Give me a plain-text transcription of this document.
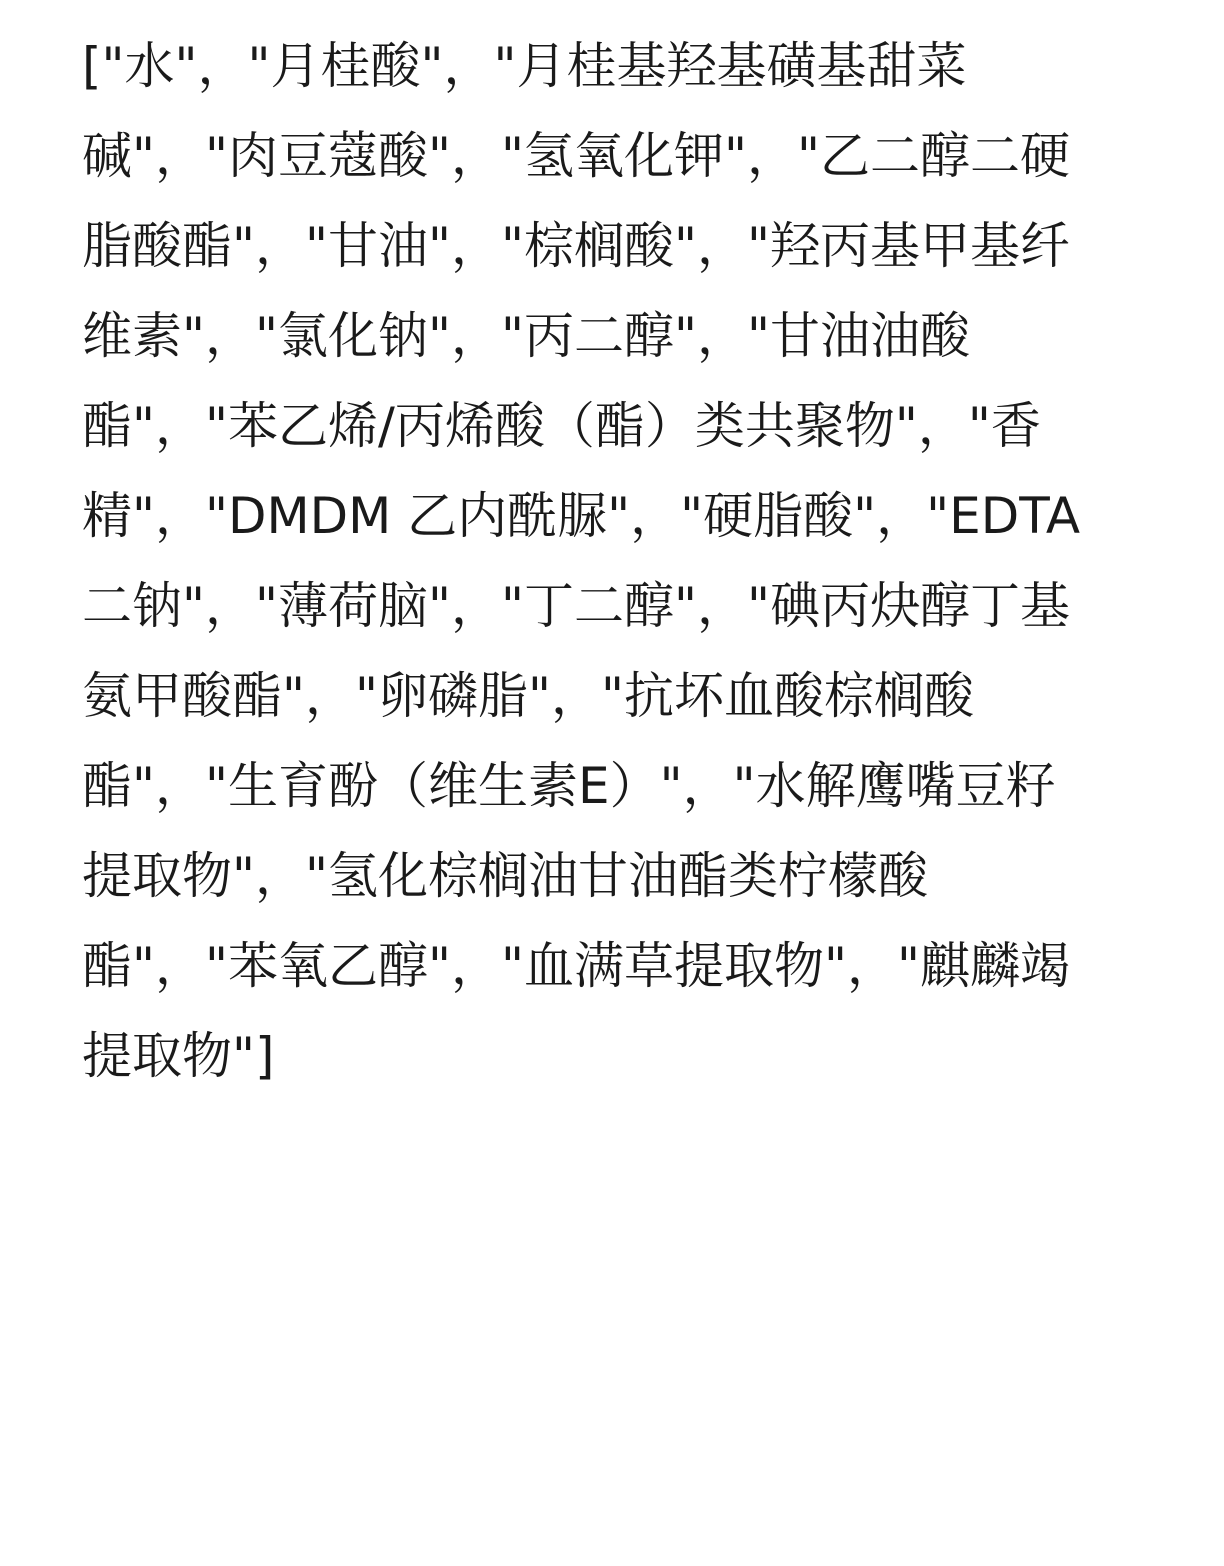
["水"，"月桂酸"，"月桂基羟基磺基甜菜
碱"，"肉豆蔻酸"，"氢氧化钾"，"乙二醇二硬
脂酸酯"，"甘油"，"棕榈酸"，"羟丙基甲基纤
维素"，"氯化钠"，"丙二醇"，"甘油油酸
酯"，"苯乙烯/丙烯酸（酯）类共聚物"，"香
精"，"DMDM 乙内酰脲"，"硬脂酸"，"EDTA
二钠"，"薄荷脑"，"丁二醇"，"碘丙炔醇丁基
氨甲酸酯"，"卵磷脂"，"抗坏血酸棕榈酸
酯"，"生育酚（维生素E）"，"水解鹰嘴豆籽
提取物"，"氢化棕榈油甘油酯类柠檬酸
酯"，"苯氧乙醇"，"血满草提取物"，"麒麟竭
提取物"]
